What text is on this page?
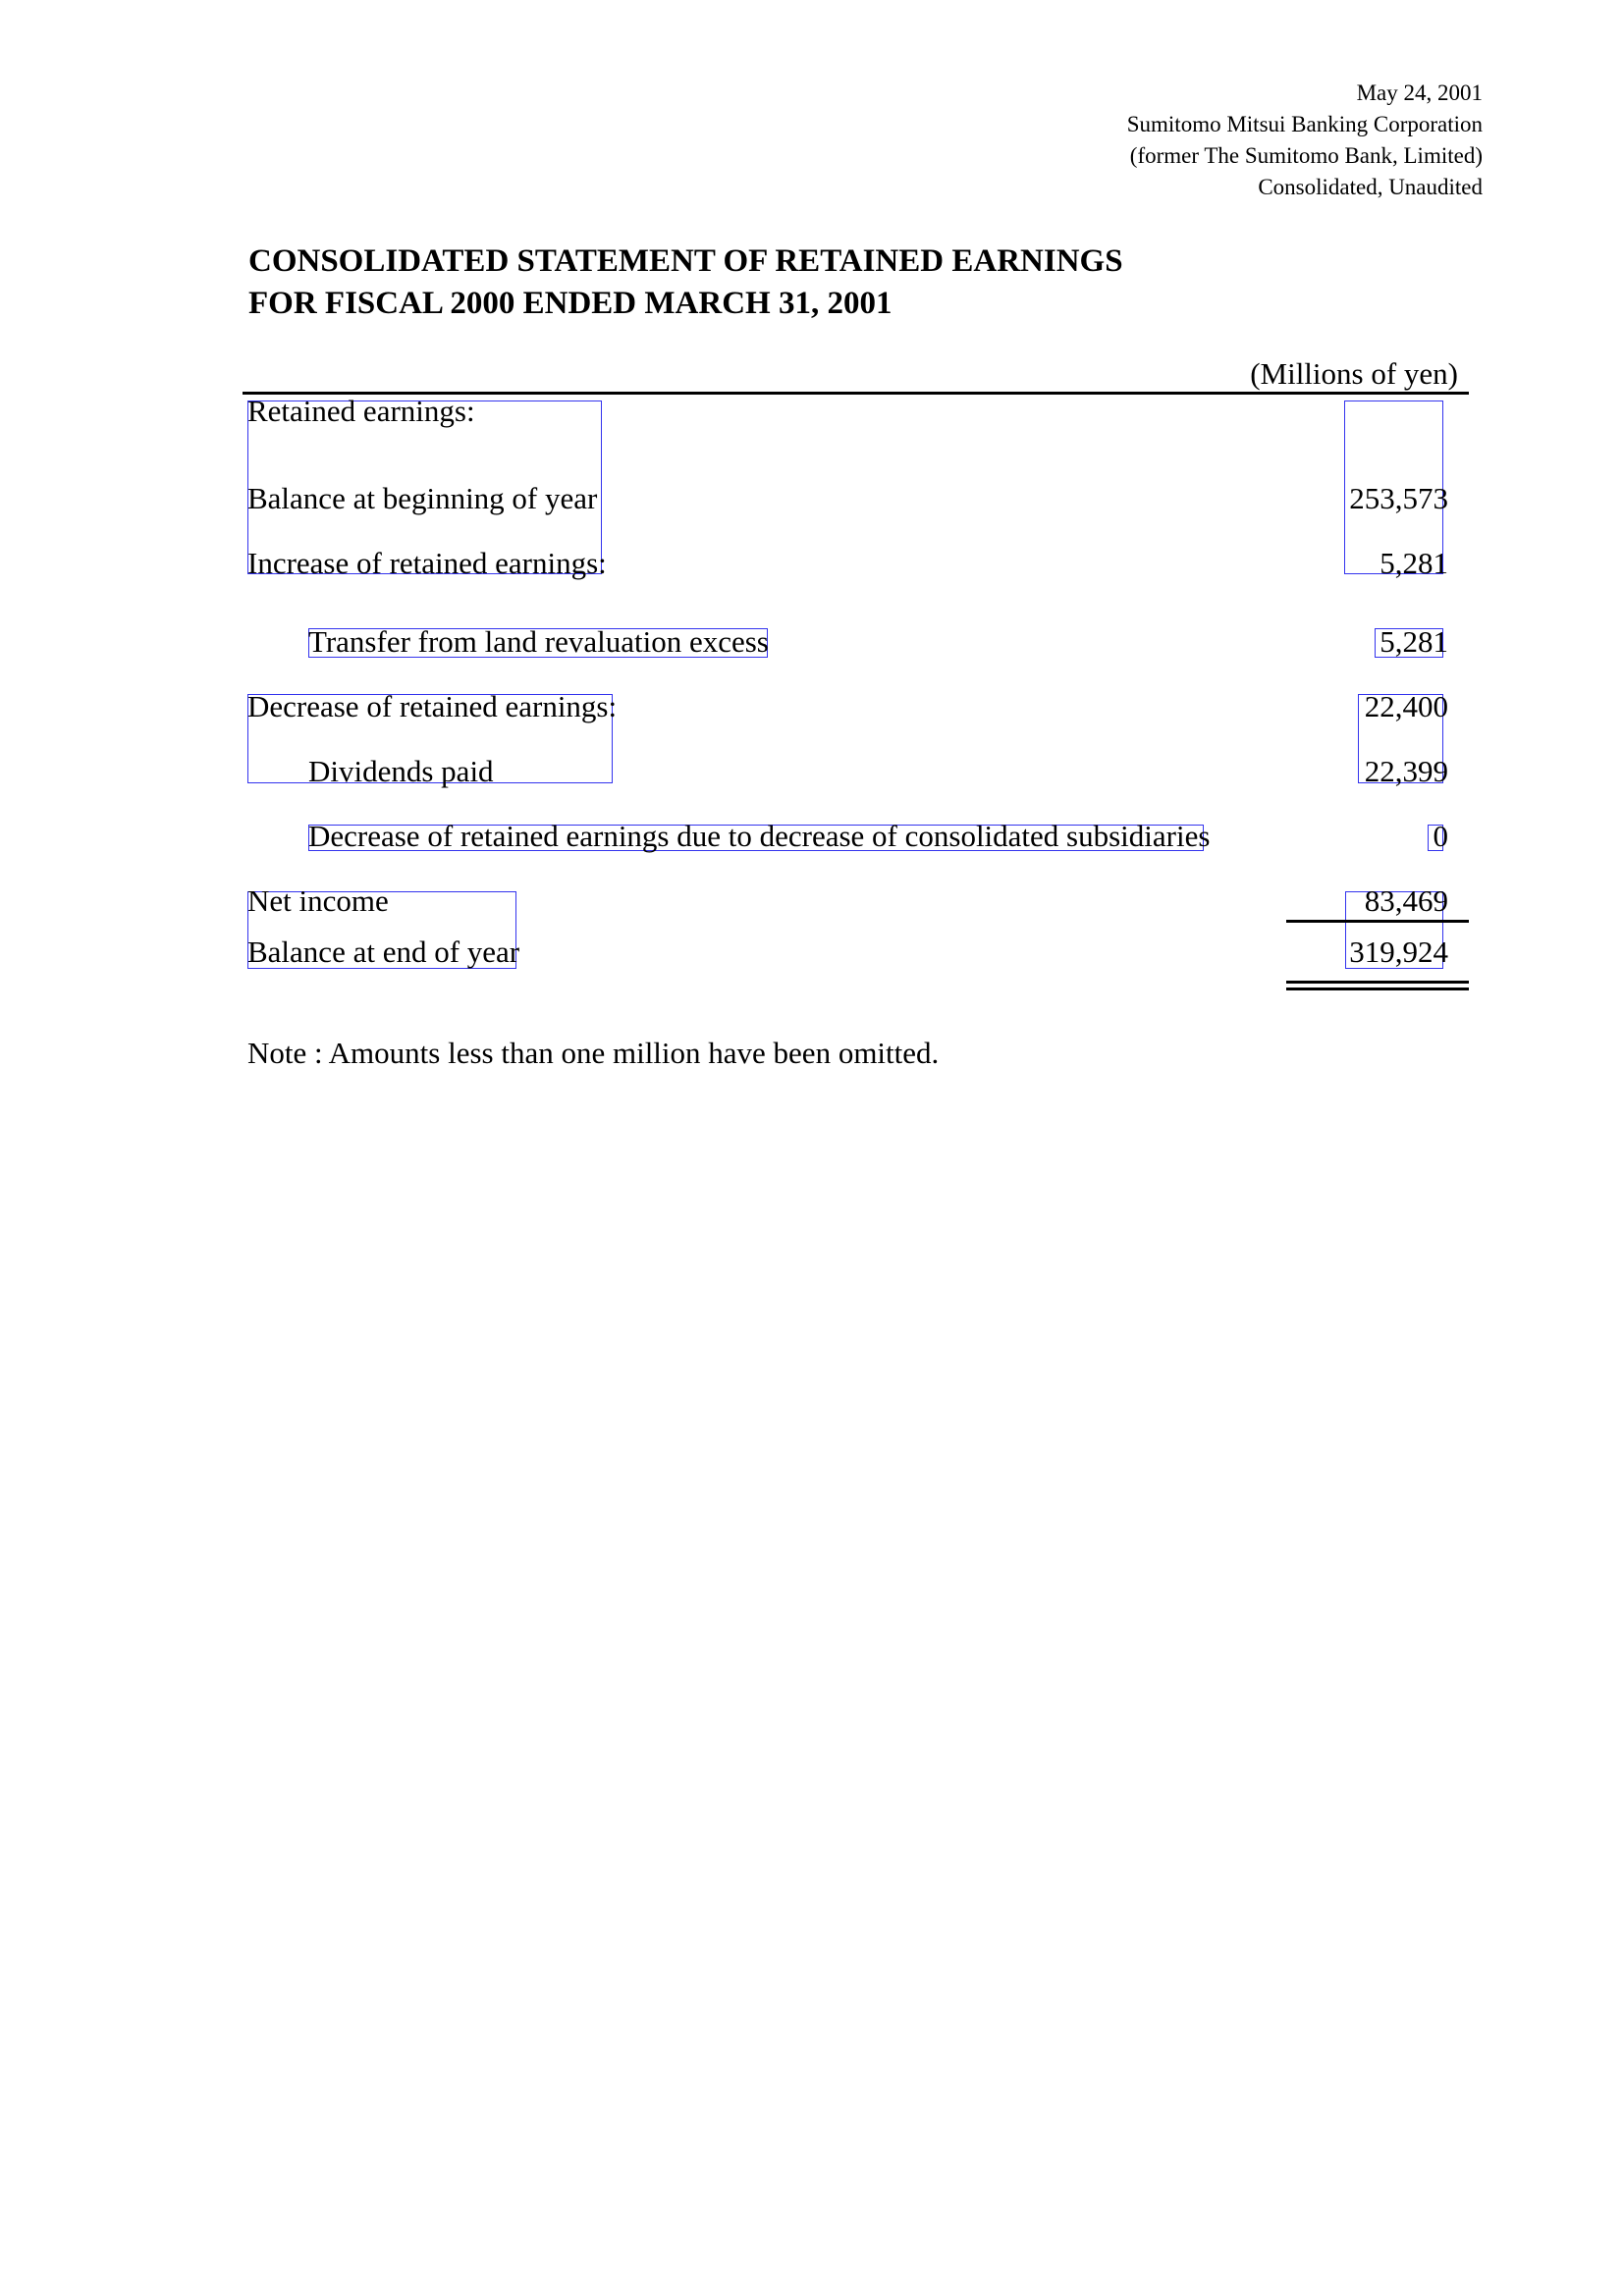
May 24, 2001
Sumitomo Mitsui Banking Corporation
(former The Sumitomo Bank, Limited)
Consolidated, Unaudited
CONSOLIDATED STATEMENT OF RETAINED EARNINGS
FOR FISCAL 2000 ENDED MARCH 31, 2001
(Millions of yen)
Retained earnings:
Balance at beginning of year	253,573
Increase of retained earnings:	5,281
Transfer from land revaluation excess	5,281
Decrease of retained earnings:	22,400
Dividends paid	22,399
Decrease of retained earnings due to decrease of consolidated subsidiaries	0
Net income	83,469
Balance at end of year	319,924
Note : Amounts less than one million have been omitted.
